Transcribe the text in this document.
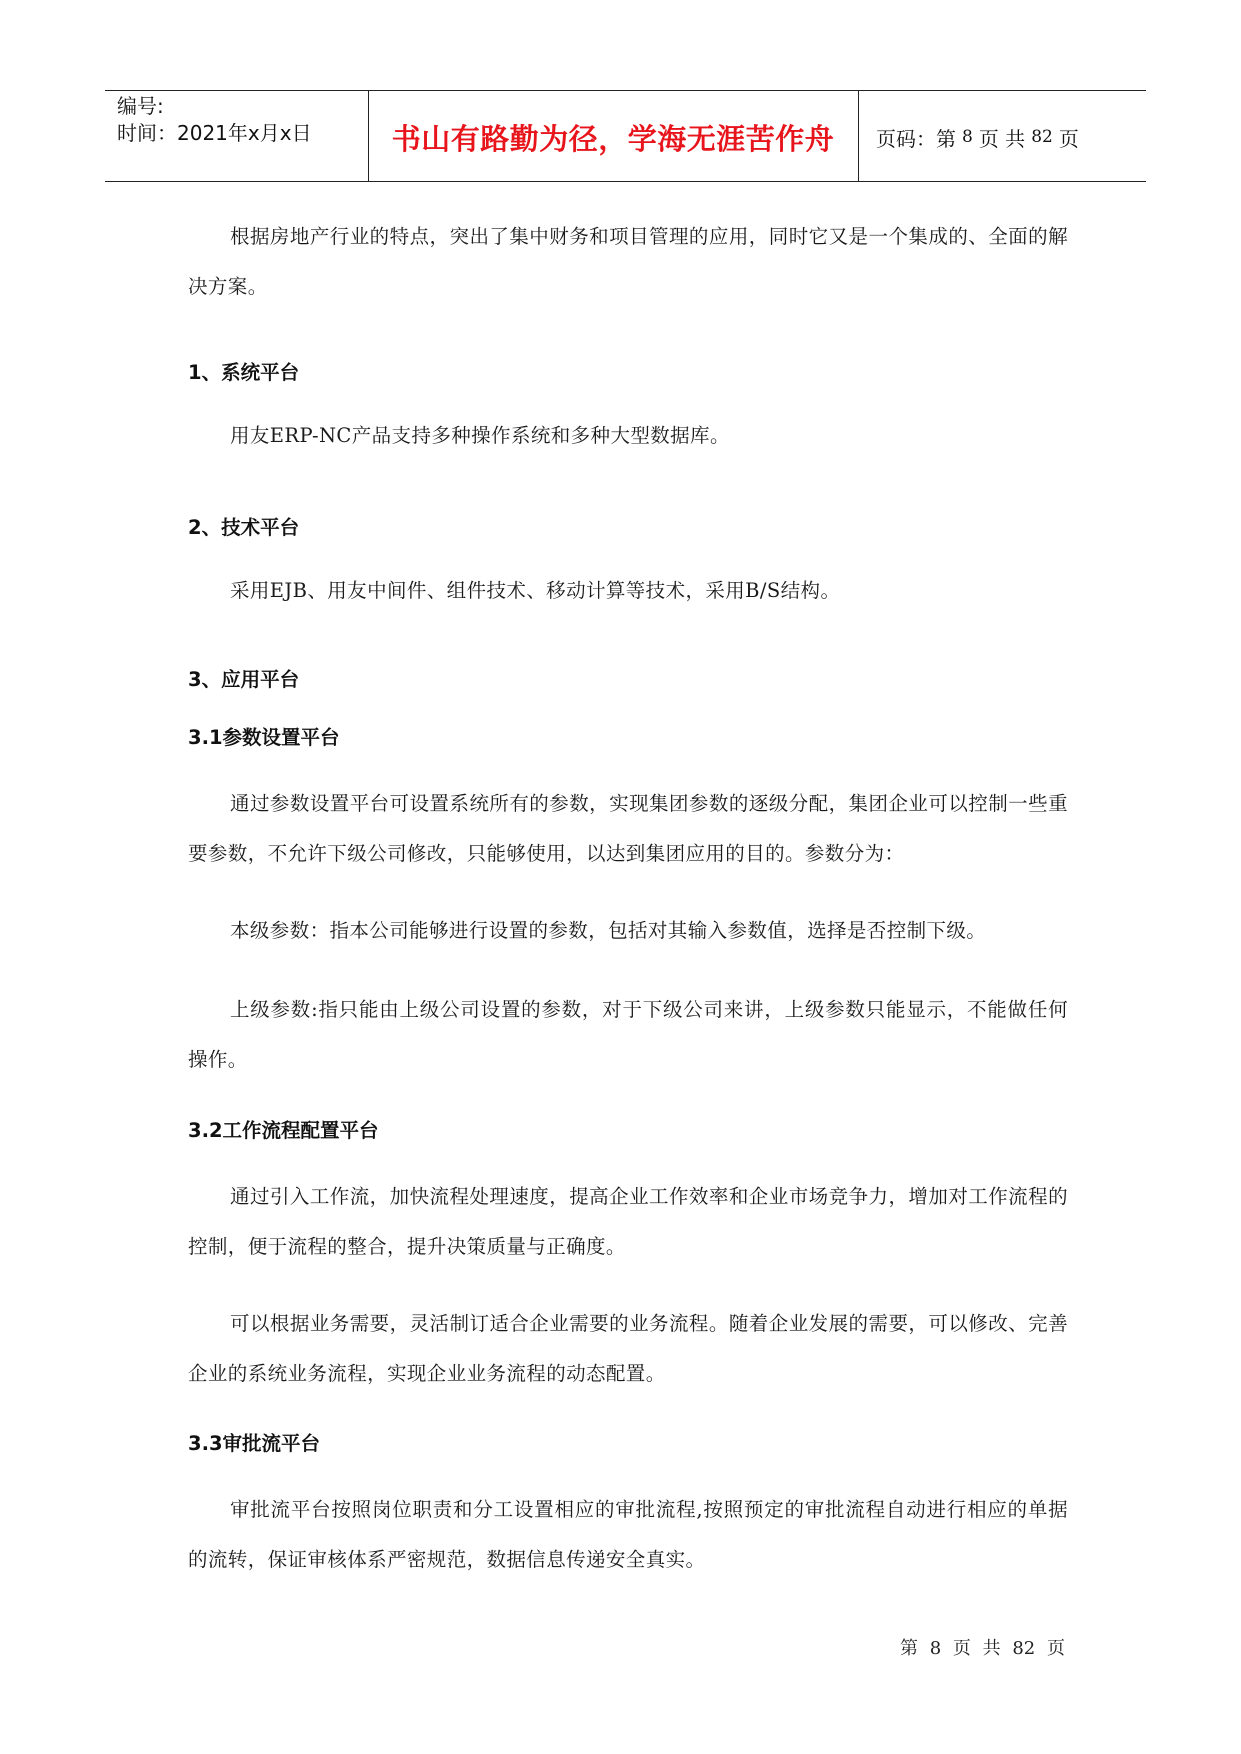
编号:
时间：2021年x月x日	书山有路勤为径，学海无涯苦作舟	页码：第 8 页 共 82 页
根据房地产行业的特点，突出了集中财务和项目管理的应用，同时它又是一个集成的、全面的解决方案。
1、系统平台
用友ERP-NC产品支持多种操作系统和多种大型数据库。
2、技术平台
采用EJB、用友中间件、组件技术、移动计算等技术，采用B/S结构。
3、应用平台
3.1参数设置平台
通过参数设置平台可设置系统所有的参数，实现集团参数的逐级分配，集团企业可以控制一些重要参数，不允许下级公司修改，只能够使用，以达到集团应用的目的。参数分为：
本级参数：指本公司能够进行设置的参数，包括对其输入参数值，选择是否控制下级。
上级参数:指只能由上级公司设置的参数，对于下级公司来讲，上级参数只能显示，不能做任何操作。
3.2工作流程配置平台
通过引入工作流，加快流程处理速度，提高企业工作效率和企业市场竞争力，增加对工作流程的控制，便于流程的整合，提升决策质量与正确度。
可以根据业务需要，灵活制订适合企业需要的业务流程。随着企业发展的需要，可以修改、完善企业的系统业务流程，实现企业业务流程的动态配置。
3.3审批流平台
审批流平台按照岗位职责和分工设置相应的审批流程,按照预定的审批流程自动进行相应的单据的流转，保证审核体系严密规范，数据信息传递安全真实。
第 8 页 共 82 页
